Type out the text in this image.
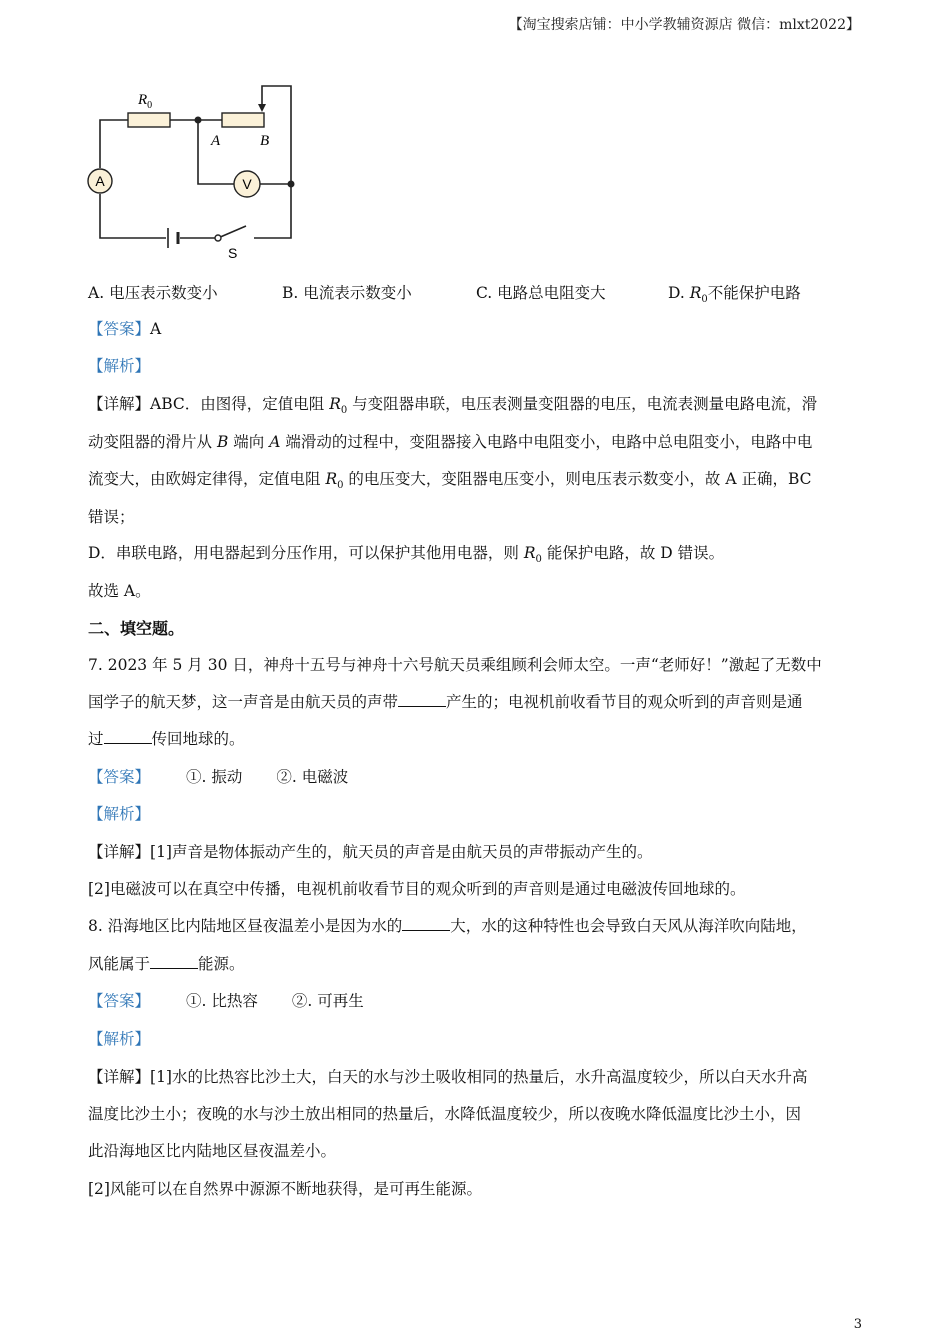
【淘宝搜索店铺：中小学教辅资源店 微信：mlxt2022】
A	V
$R_0$
A	B
S
A. 电压表示数变小	B. 电流表示数变小	C. 电路总电阻变大	D. $R_0$不能保护电路
【答案】A
【解析】
【详解】ABC．由图得，定值电阻 $R_0$ 与变阻器串联，电压表测量变阻器的电压，电流表测量电路电流，滑
动变阻器的滑片从 B 端向 A 端滑动的过程中，变阻器接入电路中电阻变小，电路中总电阻变小，电路中电
流变大，由欧姆定律得，定值电阻 $R_0$ 的电压变大，变阻器电压变小，则电压表示数变小，故 A 正确，BC
错误；
D．串联电路，用电器起到分压作用，可以保护其他用电器，则 $R_0$ 能保护电路，故 D 错误。
故选 A。
二、填空题。
7. 2023 年 5 月 30 日，神舟十五号与神舟十六号航天员乘组顾利会师太空。一声“老师好！”激起了无数中
国学子的航天梦，这一声音是由航天员的声带	产生的；电视机前收看节目的观众听到的声音则是通
过	传回地球的。
【答案】 ①. 振动 ②. 电磁波
【解析】
【详解】[1]声音是物体振动产生的，航天员的声音是由航天员的声带振动产生的。
[2]电磁波可以在真空中传播，电视机前收看节目的观众听到的声音则是通过电磁波传回地球的。
8. 沿海地区比内陆地区昼夜温差小是因为水的	大，水的这种特性也会导致白天风从海洋吹向陆地，
风能属于	能源。
【答案】 ①. 比热容 ②. 可再生
【解析】
【详解】[1]水的比热容比沙土大，白天的水与沙土吸收相同的热量后，水升高温度较少，所以白天水升高
温度比沙土小；夜晚的水与沙土放出相同的热量后，水降低温度较少，所以夜晚水降低温度比沙土小，因
此沿海地区比内陆地区昼夜温差小。
[2]风能可以在自然界中源源不断地获得，是可再生能源。
3
